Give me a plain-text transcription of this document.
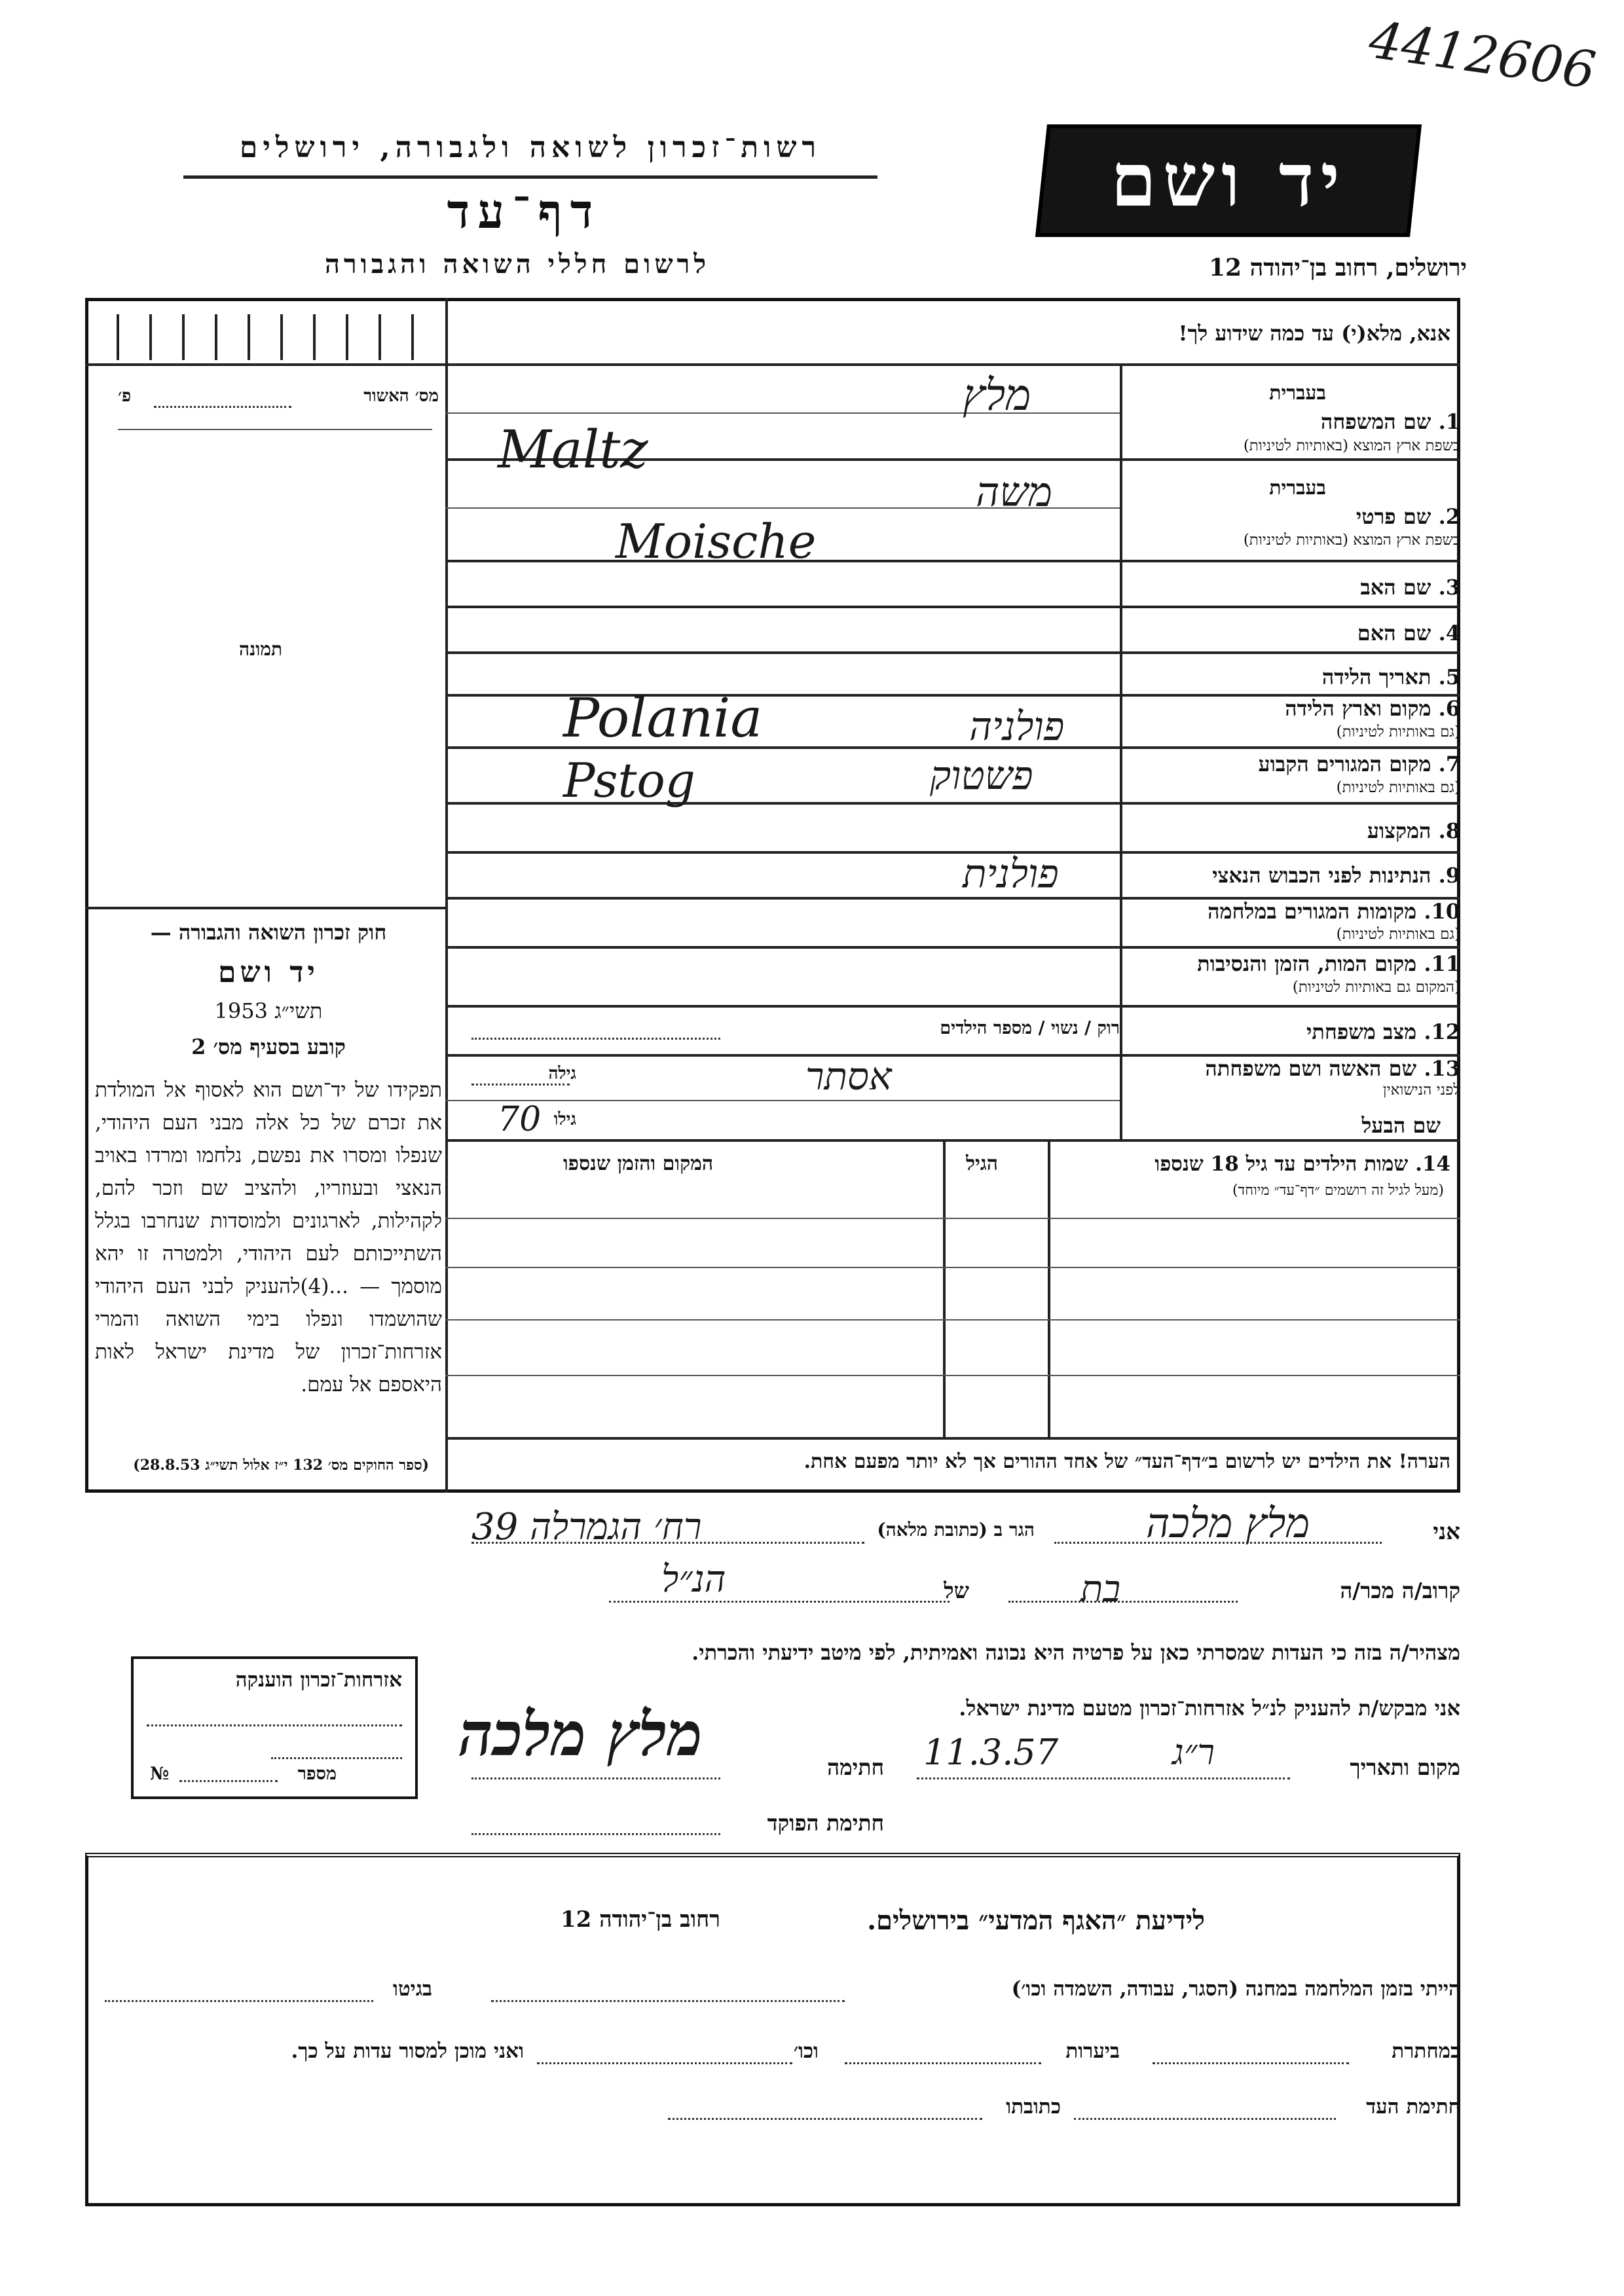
4412606
יד ושם
רשות־זכרון לשואה ולגבורה, ירושלים
דף־עד
לרשום חללי השואה והגבורה	ירושלים, רחוב בן־יהודה 12
אנא, מלא(י) עד כמה שידוע לך!
מס׳ האשור
פ׳
תמונה
בעברית
1. שם המשפחה
בשפת ארץ המוצא (באותיות לטיניות)
בעברית
2. שם פרטי
בשפת ארץ המוצא (באותיות לטיניות)
3. שם האב
4. שם האם
5. תאריך הלידה
6. מקום וארץ הלידה
(גם באותיות לטיניות)
7. מקום המגורים הקבוע
(גם באותיות לטיניות)
8. המקצוע
9. הנתינות לפני הכבוש הנאצי
10. מקומות המגורים במלחמה
(גם באותיות לטיניות)
11. מקום המות, הזמן והנסיבות
(המקום גם באותיות לטיניות)
12. מצב משפחתי
13. שם האשה ושם משפחתה
לפני הנישואין
שם הבעל
מלץ
Maltz
משה
Moische
פולניה
Polania
פשטוק
Pstog
פולנית
רוק / נשוי / מספר הילדים
גילה	אסתר
גילו
70
חוק זכרון השואה והגבורה —
יד ושם
תשי״ג 1953
קובע בסעיף מס׳ 2
תפקידו של יד־ושם הוא לאסוף אל המולדת את זכרם של כל אלה מבני העם היהודי, שנפלו ומסרו את נפשם, נלחמו ומרדו באויב הנאצי ובעוזריו, ולהציב שם וזכר להם, לקהילות, לארגונים ולמוסדות שנחרבו בגלל השתייכותם לעם היהודי, ולמטרה זו יהא מוסמך — ...(4)להעניק לבני העם היהודי שהושמדו ונפלו בימי השואה והמרי אזרחות־זכרון של מדינת ישראל לאות היאספם אל עמם.
(ספר החוקים מס׳ 132 י״ז אלול תשי״ג 28.8.53)
14. שמות הילדים עד גיל 18 שנספו
(מעל לגיל זה רושמים ״דף־עד״ מיוחד)
הגיל
המקום והזמן שנספו
הערה! את הילדים יש לרשום ב״דף־העד״ של אחד ההורים אך לא יותר מפעם אחת.
אני
מלץ מלכה
הגר ב (כתובת מלאה)
רח׳ הגמרלה 39
קרוב/ה מכר/ה
בת
של
הנ״ל
מצהיר/ה בזה כי העדות שמסרתי כאן על פרטיה היא נכונה ואמיתית, לפי מיטב ידיעתי והכרתי.
אני מבקש/ת להעניק לנ״ל אזרחות־זכרון מטעם מדינת ישראל.
מקום ותאריך
ר״ג
11.3.57
חתימה
מלץ מלכה
חתימת הפוקד
אזרחות־זכרון הוענקה
מספר
№
לידיעת ״האגף המדעי״ בירושלים.
רחוב בן־יהודה 12
הייתי בזמן המלחמה במחנה (הסגר, עבודה, השמדה וכו׳)
בגיטו
במחתרת
ביערות
וכו׳
ואני מוכן למסור עדות על כך.
חתימת העד
כתובתו
